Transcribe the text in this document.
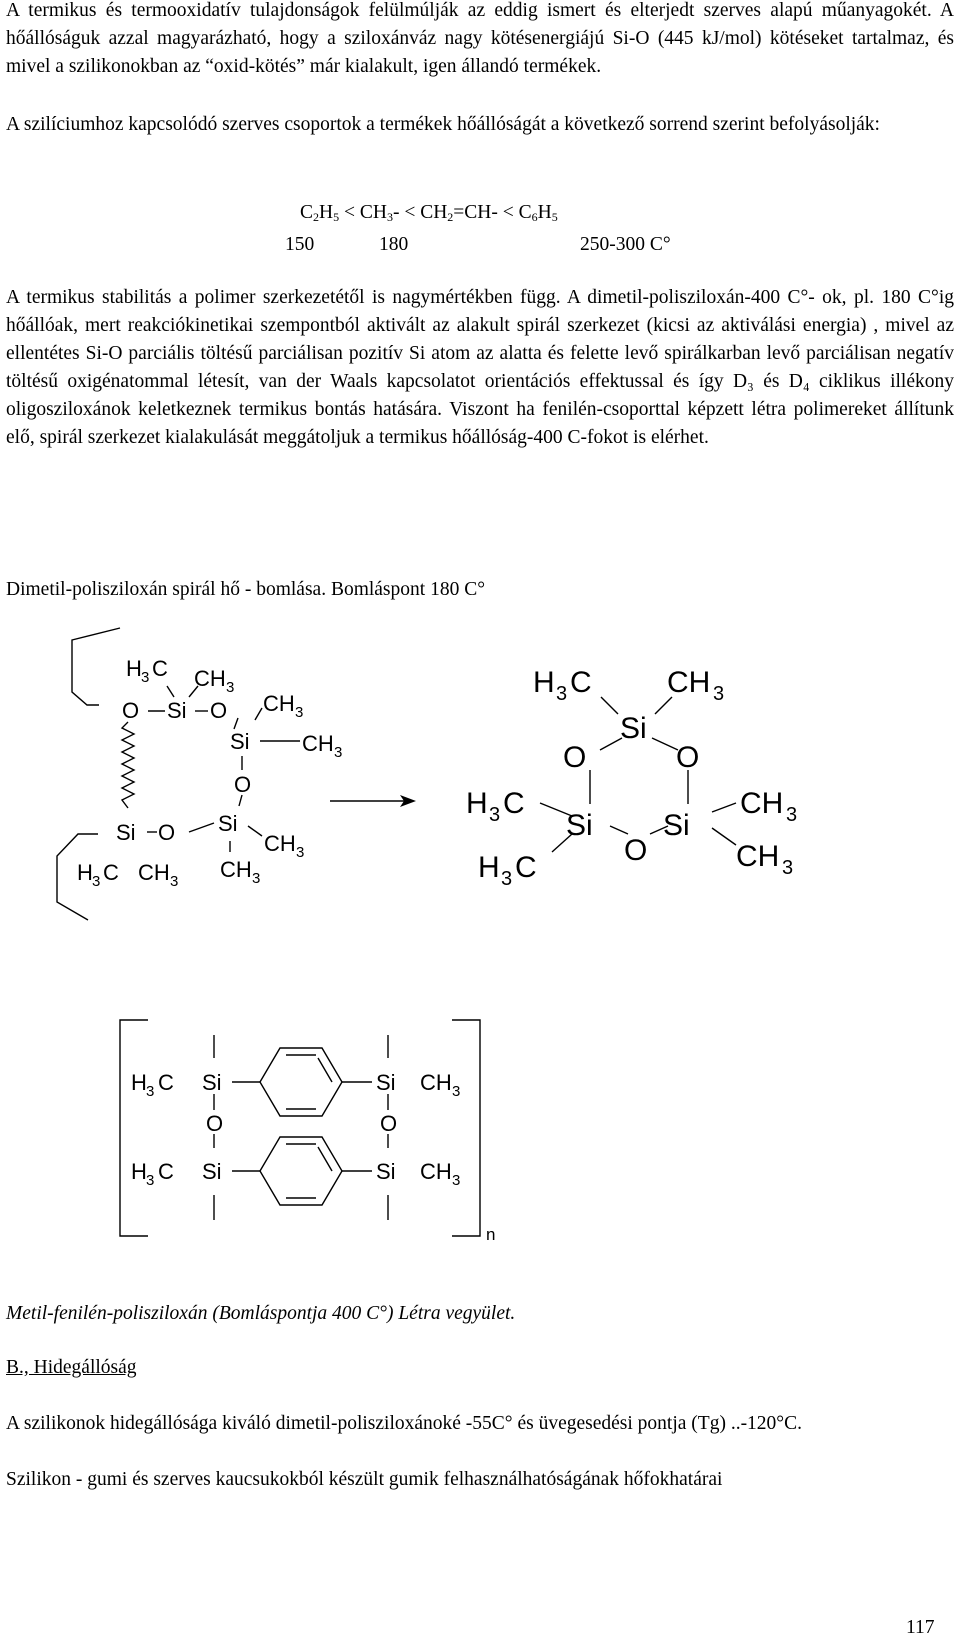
A termikus és termooxidatív tulajdonságok felülmúlják az eddig ismert és elterjedt szerves alapú műanyagokét. A hőállóságuk azzal magyarázható, hogy a sziloxánváz nagy kötésenergiájú Si-O (445 kJ/mol) kötéseket tartalmaz, és mivel a szilikonokban az “oxid-kötés” már kialakult, igen állandó termékek.

A szilíciumhoz kapcsolódó szerves csoportok a termékek hőállóságát a következő sorrend szerint befolyásolják:

$C_2H_5 < CH_3- < CH_2=CH- < C_6H_5$
150	180	250-300 C°

A termikus stabilitás a polimer szerkezetétől is nagymértékben függ. A dimetil-polisziloxán-400 C°- ok, pl. 180 C°ig hőállóak, mert reakciókinetikai szempontból aktivált az alakult spirál szerkezet (kicsi az aktiválási energia) , mivel az ellentétes Si-O parciális töltésű parciálisan pozitív Si atom az alatta és felette levő spirálkarban levő parciálisan negatív töltésű oxigénatommal létesít, van der Waals kapcsolatot orientációs effektussal és így D₃ és D₄ ciklikus illékony oligosziloxánok keletkeznek termikus bontás hatására. Viszont ha fenilén-csoporttal képzett létra polimereket állítunk elő, spirál szerkezet kialakulását meggátoljuk a termikus hőállóság-400 C-fokot is elérhet.

Dimetil-polisziloxán spirál hő - bomlása. Bomláspont 180 C°
H 3 C CH 3
O Si O CH 3
Si CH 3
O
Si
Si O	CH 3
H 3 C CH 3 CH 3
H 3 C	CH 3
Si
O	O
H 3 C
Si Si
CH 3
O
H 3 C	CH 3
H 3 C Si	Si CH 3
O	O
H 3 C Si	Si CH 3
n
Metil-fenilén-polisziloxán (Bomláspontja 400 C°) Létra vegyület.
B., Hidegállóság

A szilikonok hidegállósága kiváló dimetil-polisziloxánoké -55C° és üvegesedési pontja (Tg) ..-120°C.

Szilikon - gumi és szerves kaucsukokból készült gumik felhasználhatóságának hőfokhatárai

117
